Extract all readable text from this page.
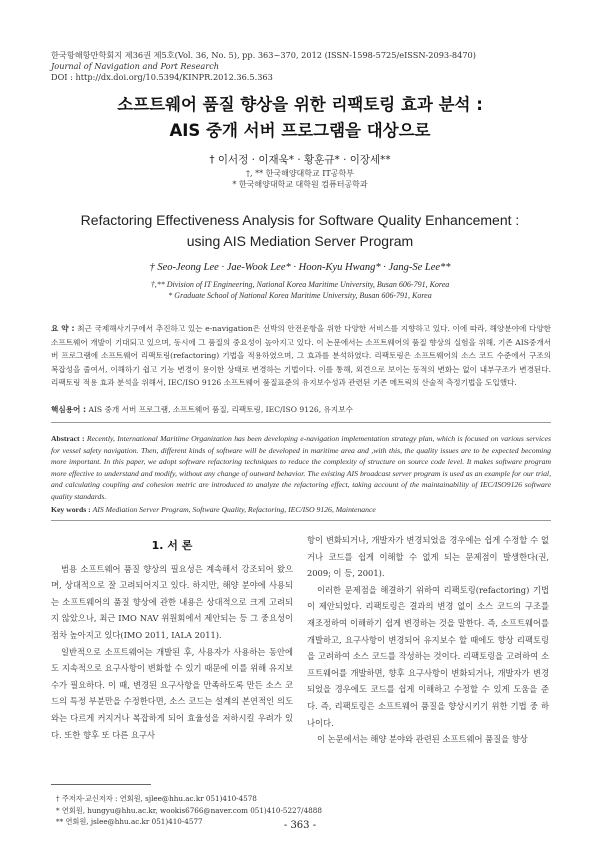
한국항해항만학회지 제36권 제5호(Vol. 36, No. 5), pp. 363~370, 2012 (ISSN-1598-5725/eISSN-2093-8470)
Journal of Navigation and Port Research
DOI : http://dx.doi.org/10.5394/KINPR.2012.36.5.363
소프트웨어 품질 향상을 위한 리팩토링 효과 분석 :
AIS 중개 서버 프로그램을 대상으로
† 이서정 · 이재욱* · 황훈규* · 이장세**
†, ** 한국해양대학교 IT공학부
* 한국해양대학교 대학원 컴퓨터공학과
Refactoring Effectiveness Analysis for Software Quality Enhancement :
using AIS Mediation Server Program
† Seo-Jeong Lee · Jae-Wook Lee* · Hoon-Kyu Hwang* · Jang-Se Lee**
†,** Division of IT Engineering, National Korea Maritime University, Busan 606-791, Korea
* Graduate School of National Korea Maritime University, Busan 606-791, Korea
요 약 : 최근 국제해사기구에서 추진하고 있는 e-navigation은 선박의 안전운항을 위한 다양한 서비스를 지향하고 있다. 이에 따라, 해양분야에 다양한 소프트웨어 개발이 기대되고 있으며, 동시에 그 품질의 중요성이 높아지고 있다. 이 논문에서는 소프트웨어의 품질 향상의 실험을 위해, 기존 AIS중개서버 프로그램에 소프트웨어 리팩토링(refactoring) 기법을 적용하였으며, 그 효과를 분석하였다. 리팩토링은 소프트웨어의 소스 코드 수준에서 구조의 복잡성을 줄여서, 이해하기 쉽고 기능 변경이 용이한 상태로 변경하는 기법이다. 이를 통해, 외견으로 보이는 동적의 변화는 없이 내부구조가 변경된다. 리팩토링 적용 효과 분석을 위해서, IEC/ISO 9126 소프트웨어 품질표준의 유지보수성과 관련된 기존 메트릭의 산술적 측정기법을 도입했다.
핵심용어 : AIS 중개 서버 프로그램, 소프트웨어 품질, 리팩토링, IEC/ISO 9126, 유지보수
Abstract : Recently, International Maritime Organization has been developing e-navigation implementation strategy plan, which is focused on various services for vessel safety navigation. Then, different kinds of software will be developed in maritime area and ,with this, the quality issues are to be expected becoming more important. In this paper, we adopt software refactoring techniques to reduce the complexity of structure on source code level. It makes software program more effective to understand and modify, without any change of outward behavior. The existing AIS broadcast server program is used as an example for our trial, and calculating coupling and cohesion metric are introduced to analyze the refactoring effect, taking account of the maintainability of IEC/ISO9126 software quality standards.
Key words : AIS Mediation Server Program, Software Quality, Refactoring, IEC/ISO 9126, Maintenance
1. 서 론

범용 소프트웨어 품질 향상의 필요성은 계속해서 강조되어 왔으며, 상대적으로 잘 고려되어지고 있다. 하지만, 해양 분야에 사용되는 소프트웨어의 품질 향상에 관한 내용은 상대적으로 크게 고려되지 않았으나, 최근 IMO NAV 위원회에서 제안되는 등 그 중요성이 점차 높아지고 있다(IMO 2011, IALA 2011).

일반적으로 소프트웨어는 개발된 후, 사용자가 사용하는 동안에도 지속적으로 요구사항이 변화할 수 있기 때문에 이를 위해 유지보수가 필요하다. 이 때, 변경된 요구사항을 만족하도록 만든 소스 코드의 특정 부분만을 수정한다면, 소스 코드는 설계의 본연적인 의도와는 다르게 커지거나 복잡하게 되어 효율성을 저하시킬 우려가 있다. 또한 향후 또 다른 요구사

항이 변화되거나, 개발자가 변경되었을 경우에는 쉽게 수정할 수 없거나 코드를 쉽게 이해할 수 없게 되는 문제점이 발생한다(권, 2009; 이 등, 2001).

이러한 문제점을 해결하기 위하여 리팩토링(refactoring) 기법이 제안되었다. 리팩토링은 결과의 변경 없이 소스 코드의 구조를 재조정하여 이해하기 쉽게 변경하는 것을 말한다. 즉, 소프트웨어를 개발하고, 요구사항이 변경되어 유지보수 할 때에도 향상 리팩토링을 고려하여 소스 코드를 작성하는 것이다. 리팩토링을 고려하여 소프트웨어를 개발하면, 향후 요구사항이 변화되거나, 개발자가 변경되었을 경우에도 코드를 쉽게 이해하고 수정할 수 있게 도움을 준다. 즉, 리팩토링은 소프트웨어 품질을 향상시키기 위한 기법 중 하나이다.

이 논문에서는 해양 분야와 관련된 소프트웨어 품질을 향상

† 주저자·교신저자 : 연회원, sjlee@hhu.ac.kr 051)410-4578
* 연회원, hungyu@hhu.ac.kr, wookis6766@naver.com 051)410-5227/4888
** 연회원, jslee@hhu.ac.kr 051)410-4577	- 363 -
